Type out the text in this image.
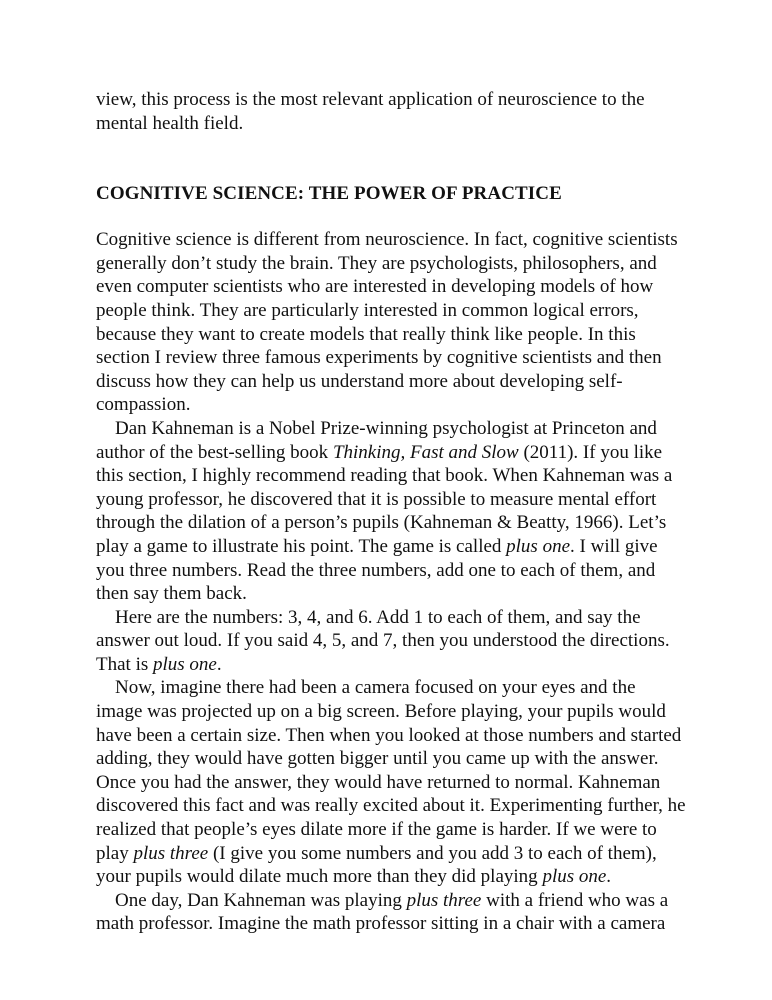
view, this process is the most relevant application of neuroscience to the mental health field.

COGNITIVE SCIENCE: THE POWER OF PRACTICE

Cognitive science is different from neuroscience. In fact, cognitive scientists generally don’t study the brain. They are psychologists, philosophers, and even computer scientists who are interested in developing models of how people think. They are particularly interested in common logical errors, because they want to create models that really think like people. In this section I review three famous experiments by cognitive scientists and then discuss how they can help us understand more about developing self-compassion.

Dan Kahneman is a Nobel Prize-winning psychologist at Princeton and author of the best-selling book Thinking, Fast and Slow (2011). If you like this section, I highly recommend reading that book. When Kahneman was a young professor, he discovered that it is possible to measure mental effort through the dilation of a person’s pupils (Kahneman & Beatty, 1966). Let’s play a game to illustrate his point. The game is called plus one. I will give you three numbers. Read the three numbers, add one to each of them, and then say them back.

Here are the numbers: 3, 4, and 6. Add 1 to each of them, and say the answer out loud. If you said 4, 5, and 7, then you understood the directions. That is plus one.

Now, imagine there had been a camera focused on your eyes and the image was projected up on a big screen. Before playing, your pupils would have been a certain size. Then when you looked at those numbers and started adding, they would have gotten bigger until you came up with the answer. Once you had the answer, they would have returned to normal. Kahneman discovered this fact and was really excited about it. Experimenting further, he realized that people’s eyes dilate more if the game is harder. If we were to play plus three (I give you some numbers and you add 3 to each of them), your pupils would dilate much more than they did playing plus one.

One day, Dan Kahneman was playing plus three with a friend who was a math professor. Imagine the math professor sitting in a chair with a camera
